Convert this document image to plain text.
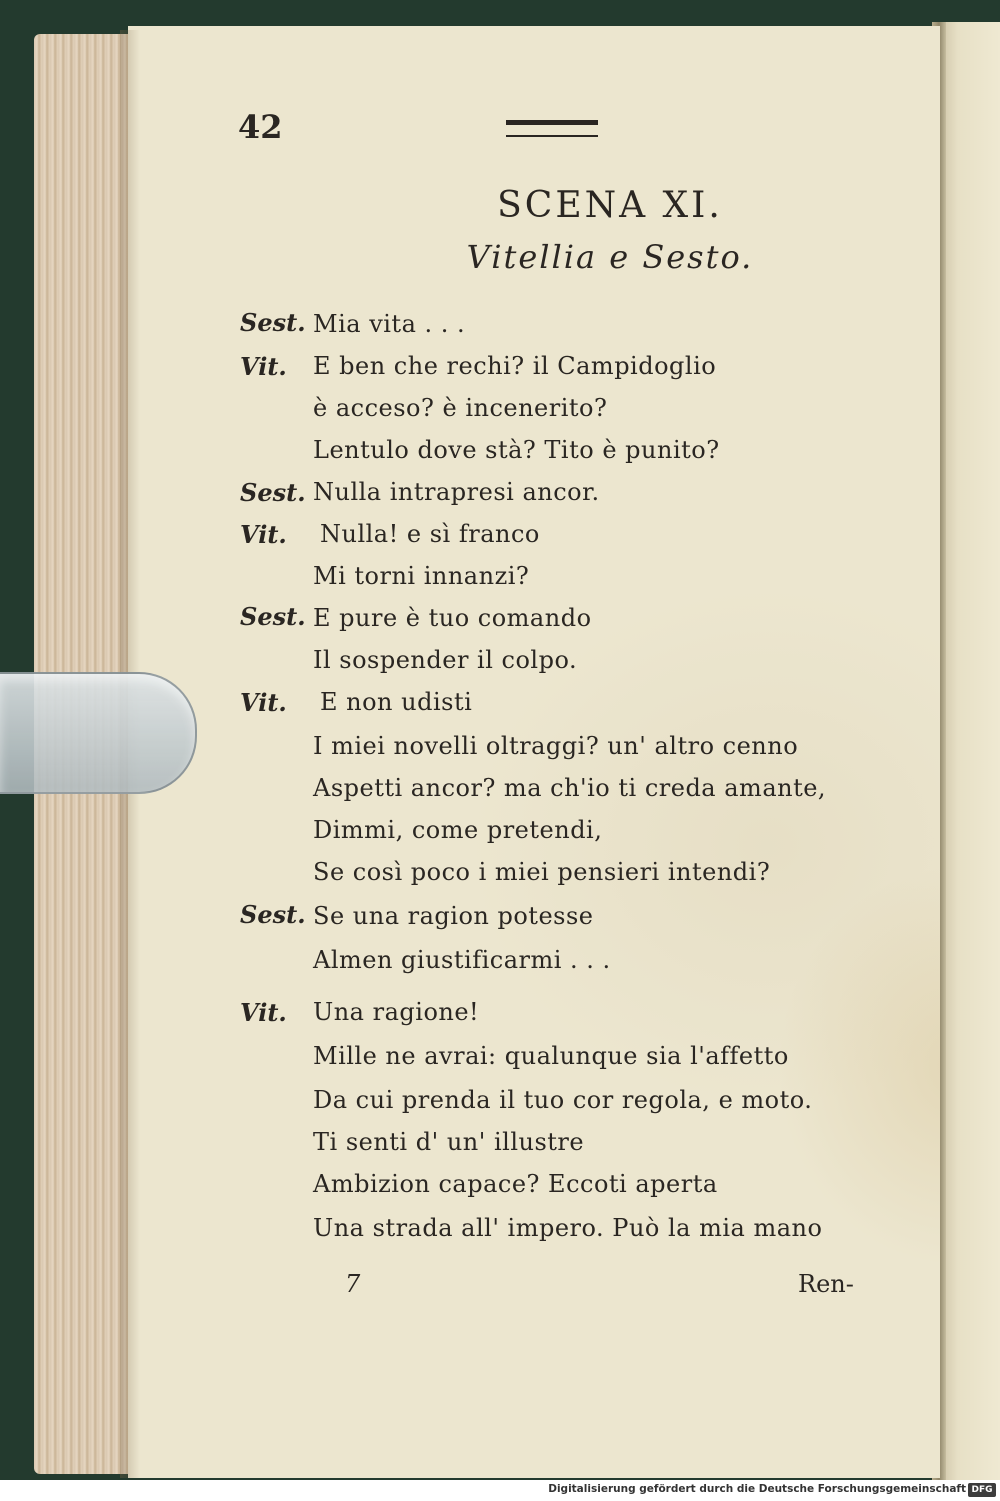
42
SCENA XI.
Vitellia e Sesto.
Sest.
Vit.
Sest.
Vit.
Sest.
Vit.
Sest.
Vit.
Mia vita . . .
E ben che rechi? il Campidoglio
è acceso? è incenerito?
Lentulo dove stà? Tito è punito?
Nulla intrapresi ancor.
Nulla! e sì franco
Mi torni innanzi?
E pure è tuo comando
Il sospender il colpo.
E non udisti
I miei novelli oltraggi? un' altro cenno
Aspetti ancor? ma ch'io ti creda amante,
Dimmi, come pretendi,
Se così poco i miei pensieri intendi?
Se una ragion potesse
Almen giustificarmi . . .
Una ragione!
Mille ne avrai: qualunque sia l'affetto
Da cui prenda il tuo cor regola, e moto.
Ti senti d' un' illustre
Ambizion capace? Eccoti aperta
Una strada all' impero. Può la mia mano
7	Ren-
Digitalisierung gefördert durch die Deutsche Forschungsgemeinschaft DFG
